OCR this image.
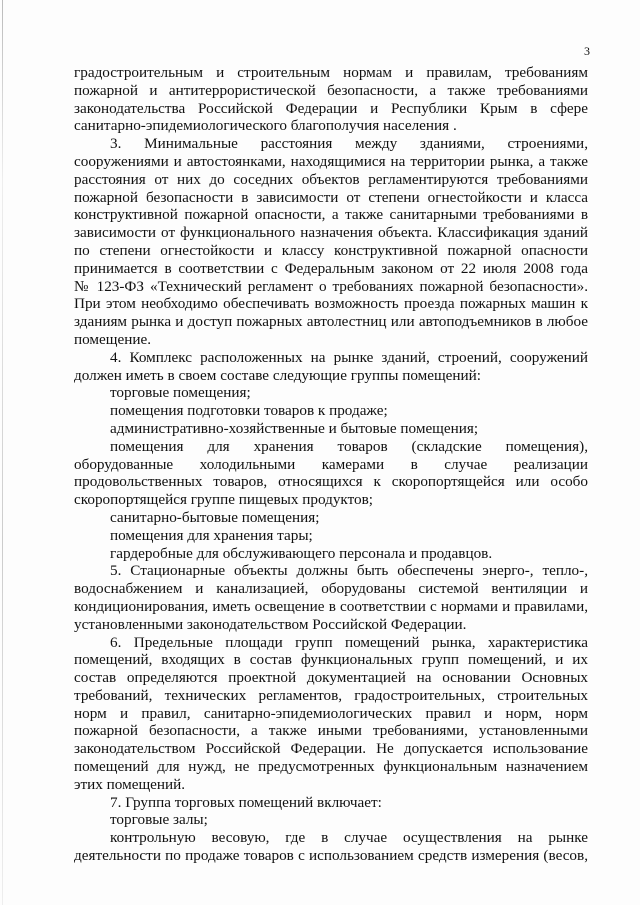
3
градостроительным и строительным нормам и правилам, требованиям
пожарной и антитеррористической безопасности, а также требованиями
законодательства Российской Федерации и Республики Крым в сфере
санитарно-эпидемиологического благополучия населения .
3. Минимальные расстояния между зданиями, строениями,
сооружениями и автостоянками, находящимися на территории рынка, а также
расстояния от них до соседних объектов регламентируются требованиями
пожарной безопасности в зависимости от степени огнестойкости и класса
конструктивной пожарной опасности, а также санитарными требованиями в
зависимости от функционального назначения объекта. Классификация зданий
по степени огнестойкости и классу конструктивной пожарной опасности
принимается в соответствии с Федеральным законом от 22 июля 2008 года
№ 123-ФЗ «Технический регламент о требованиях пожарной безопасности».
При этом необходимо обеспечивать возможность проезда пожарных машин к
зданиям рынка и доступ пожарных автолестниц или автоподъемников в любое
помещение.
4. Комплекс расположенных на рынке зданий, строений, сооружений
должен иметь в своем составе следующие группы помещений:
торговые помещения;
помещения подготовки товаров к продаже;
административно-хозяйственные и бытовые помещения;
помещения для хранения товаров (складские помещения),
оборудованные холодильными камерами в случае реализации
продовольственных товаров, относящихся к скоропортящейся или особо
скоропортящейся группе пищевых продуктов;
санитарно-бытовые помещения;
помещения для хранения тары;
гардеробные для обслуживающего персонала и продавцов.
5. Стационарные объекты должны быть обеспечены энерго-, тепло-,
водоснабжением и канализацией, оборудованы системой вентиляции и
кондиционирования, иметь освещение в соответствии с нормами и правилами,
установленными законодательством Российской Федерации.
6. Предельные площади групп помещений рынка, характеристика
помещений, входящих в состав функциональных групп помещений, и их
состав определяются проектной документацией на основании Основных
требований, технических регламентов, градостроительных, строительных
норм и правил, санитарно-эпидемиологических правил и норм, норм
пожарной безопасности, а также иными требованиями, установленными
законодательством Российской Федерации. Не допускается использование
помещений для нужд, не предусмотренных функциональным назначением
этих помещений.
7. Группа торговых помещений включает:
торговые залы;
контрольную весовую, где в случае осуществления на рынке
деятельности по продаже товаров с использованием средств измерения (весов,
